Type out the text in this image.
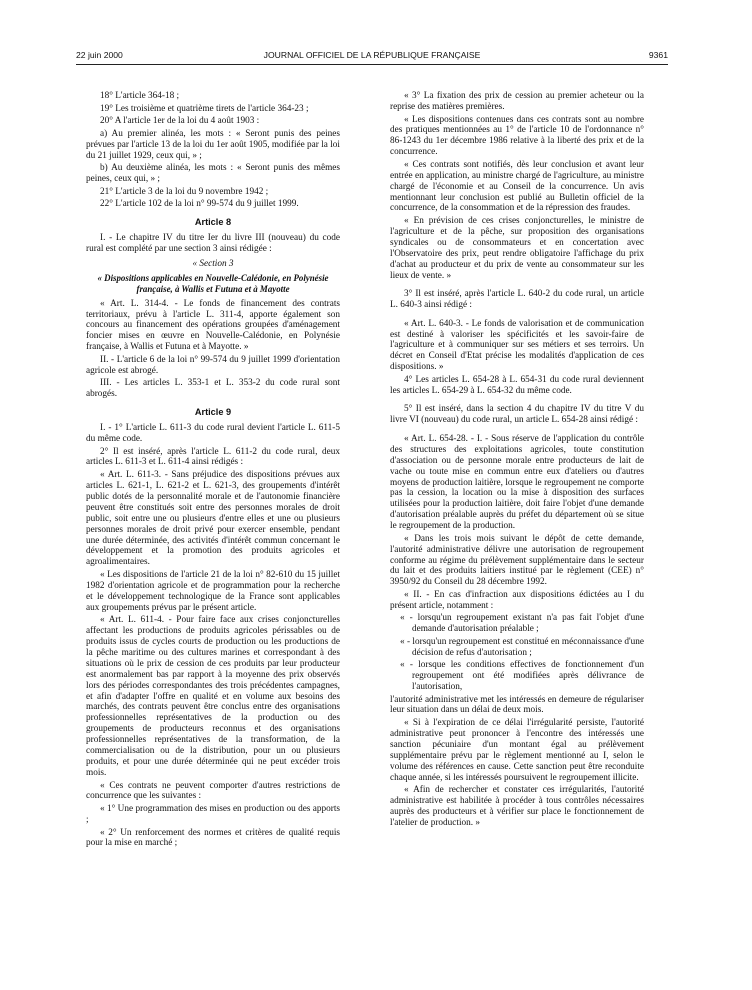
22 juin 2000	JOURNAL OFFICIEL DE LA RÉPUBLIQUE FRANÇAISE	9361

18° L'article 364-18 ;

19° Les troisième et quatrième tirets de l'article 364-23 ;

20° A l'article 1er de la loi du 4 août 1903 :

a) Au premier alinéa, les mots : « Seront punis des peines prévues par l'article 13 de la loi du 1er août 1905, modifiée par la loi du 21 juillet 1929, ceux qui, » ;

b) Au deuxième alinéa, les mots : « Seront punis des mêmes peines, ceux qui, » ;

21° L'article 3 de la loi du 9 novembre 1942 ;

22° L'article 102 de la loi n° 99-574 du 9 juillet 1999.

Article 8

I. - Le chapitre IV du titre Ier du livre III (nouveau) du code rural est complété par une section 3 ainsi rédigée :

« Section 3

« Dispositions applicables en Nouvelle-Calédonie, en Polynésie française, à Wallis et Futuna et à Mayotte

« Art. L. 314-4. - Le fonds de financement des contrats territoriaux, prévu à l'article L. 311-4, apporte également son concours au financement des opérations groupées d'aménagement foncier mises en œuvre en Nouvelle-Calédonie, en Polynésie française, à Wallis et Futuna et à Mayotte. »

II. - L'article 6 de la loi n° 99-574 du 9 juillet 1999 d'orientation agricole est abrogé.

III. - Les articles L. 353-1 et L. 353-2 du code rural sont abrogés.

Article 9

I. - 1° L'article L. 611-3 du code rural devient l'article L. 611-5 du même code.

2° Il est inséré, après l'article L. 611-2 du code rural, deux articles L. 611-3 et L. 611-4 ainsi rédigés :

« Art. L. 611-3. - Sans préjudice des dispositions prévues aux articles L. 621-1, L. 621-2 et L. 621-3, des groupements d'intérêt public dotés de la personnalité morale et de l'autonomie financière peuvent être constitués soit entre des personnes morales de droit public, soit entre une ou plusieurs d'entre elles et une ou plusieurs personnes morales de droit privé pour exercer ensemble, pendant une durée déterminée, des activités d'intérêt commun concernant le développement et la promotion des produits agricoles et agroalimentaires.

« Les dispositions de l'article 21 de la loi n° 82-610 du 15 juillet 1982 d'orientation agricole et de programmation pour la recherche et le développement technologique de la France sont applicables aux groupements prévus par le présent article.

« Art. L. 611-4. - Pour faire face aux crises conjoncturelles affectant les productions de produits agricoles périssables ou de produits issus de cycles courts de production ou les productions de la pêche maritime ou des cultures marines et correspondant à des situations où le prix de cession de ces produits par leur producteur est anormalement bas par rapport à la moyenne des prix observés lors des périodes correspondantes des trois précédentes campagnes, et afin d'adapter l'offre en qualité et en volume aux besoins des marchés, des contrats peuvent être conclus entre des organisations professionnelles représentatives de la production ou des groupements de producteurs reconnus et des organisations professionnelles représentatives de la transformation, de la commercialisation ou de la distribution, pour un ou plusieurs produits, et pour une durée déterminée qui ne peut excéder trois mois.

« Ces contrats ne peuvent comporter d'autres restrictions de concurrence que les suivantes :

« 1° Une programmation des mises en production ou des apports ;

« 2° Un renforcement des normes et critères de qualité requis pour la mise en marché ;

« 3° La fixation des prix de cession au premier acheteur ou la reprise des matières premières.

« Les dispositions contenues dans ces contrats sont au nombre des pratiques mentionnées au 1° de l'article 10 de l'ordonnance n° 86-1243 du 1er décembre 1986 relative à la liberté des prix et de la concurrence.

« Ces contrats sont notifiés, dès leur conclusion et avant leur entrée en application, au ministre chargé de l'agriculture, au ministre chargé de l'économie et au Conseil de la concurrence. Un avis mentionnant leur conclusion est publié au Bulletin officiel de la concurrence, de la consommation et de la répression des fraudes.

« En prévision de ces crises conjoncturelles, le ministre de l'agriculture et de la pêche, sur proposition des organisations syndicales ou de consommateurs et en concertation avec l'Observatoire des prix, peut rendre obligatoire l'affichage du prix d'achat au producteur et du prix de vente au consommateur sur les lieux de vente. »

3° Il est inséré, après l'article L. 640-2 du code rural, un article L. 640-3 ainsi rédigé :

« Art. L. 640-3. - Le fonds de valorisation et de communication est destiné à valoriser les spécificités et les savoir-faire de l'agriculture et à communiquer sur ses métiers et ses terroirs. Un décret en Conseil d'Etat précise les modalités d'application de ces dispositions. »

4° Les articles L. 654-28 à L. 654-31 du code rural deviennent les articles L. 654-29 à L. 654-32 du même code.

5° Il est inséré, dans la section 4 du chapitre IV du titre V du livre VI (nouveau) du code rural, un article L. 654-28 ainsi rédigé :

« Art. L. 654-28. - I. - Sous réserve de l'application du contrôle des structures des exploitations agricoles, toute constitution d'association ou de personne morale entre producteurs de lait de vache ou toute mise en commun entre eux d'ateliers ou d'autres moyens de production laitière, lorsque le regroupement ne comporte pas la cession, la location ou la mise à disposition des surfaces utilisées pour la production laitière, doit faire l'objet d'une demande d'autorisation préalable auprès du préfet du département où se situe le regroupement de la production.

« Dans les trois mois suivant le dépôt de cette demande, l'autorité administrative délivre une autorisation de regroupement conforme au régime du prélèvement supplémentaire dans le secteur du lait et des produits laitiers institué par le règlement (CEE) n° 3950/92 du Conseil du 28 décembre 1992.

« II. - En cas d'infraction aux dispositions édictées au I du présent article, notamment :

« - lorsqu'un regroupement existant n'a pas fait l'objet d'une demande d'autorisation préalable ;

« - lorsqu'un regroupement est constitué en méconnaissance d'une décision de refus d'autorisation ;

« - lorsque les conditions effectives de fonctionnement d'un regroupement ont été modifiées après délivrance de l'autorisation,

l'autorité administrative met les intéressés en demeure de régulariser leur situation dans un délai de deux mois.

« Si à l'expiration de ce délai l'irrégularité persiste, l'autorité administrative peut prononcer à l'encontre des intéressés une sanction pécuniaire d'un montant égal au prélèvement supplémentaire prévu par le règlement mentionné au I, selon le volume des références en cause. Cette sanction peut être reconduite chaque année, si les intéressés poursuivent le regroupement illicite.

« Afin de rechercher et constater ces irrégularités, l'autorité administrative est habilitée à procéder à tous contrôles nécessaires auprès des producteurs et à vérifier sur place le fonctionnement de l'atelier de production. »
